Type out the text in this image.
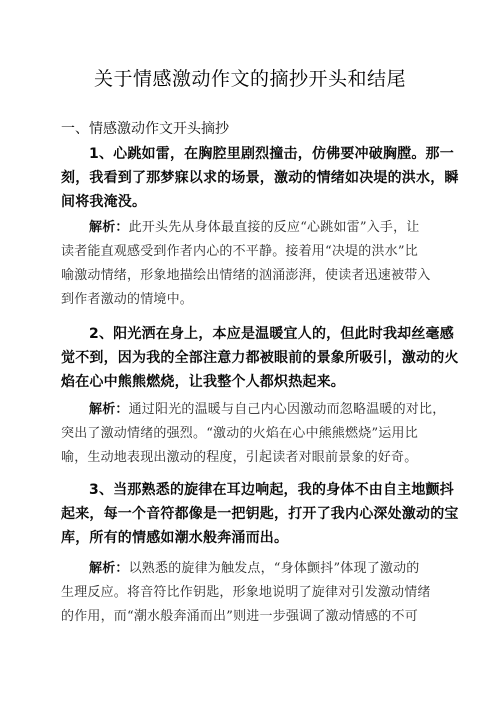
关于情感激动作文的摘抄开头和结尾
一、情感激动作文开头摘抄
1、心跳如雷，在胸腔里剧烈撞击，仿佛要冲破胸膛。那一
刻，我看到了那梦寐以求的场景，激动的情绪如决堤的洪水，瞬
间将我淹没。
解析：此开头先从身体最直接的反应“心跳如雷”入手，让
读者能直观感受到作者内心的不平静。接着用“决堤的洪水”比
喻激动情绪，形象地描绘出情绪的汹涌澎湃，使读者迅速被带入
到作者激动的情境中。
2、阳光洒在身上，本应是温暖宜人的，但此时我却丝毫感
觉不到，因为我的全部注意力都被眼前的景象所吸引，激动的火
焰在心中熊熊燃烧，让我整个人都炽热起来。
解析：通过阳光的温暖与自己内心因激动而忽略温暖的对比，
突出了激动情绪的强烈。“激动的火焰在心中熊熊燃烧”运用比
喻，生动地表现出激动的程度，引起读者对眼前景象的好奇。
3、当那熟悉的旋律在耳边响起，我的身体不由自主地颤抖
起来，每一个音符都像是一把钥匙，打开了我内心深处激动的宝
库，所有的情感如潮水般奔涌而出。
解析：以熟悉的旋律为触发点，“身体颤抖”体现了激动的
生理反应。将音符比作钥匙，形象地说明了旋律对引发激动情绪
的作用，而“潮水般奔涌而出”则进一步强调了激动情感的不可
